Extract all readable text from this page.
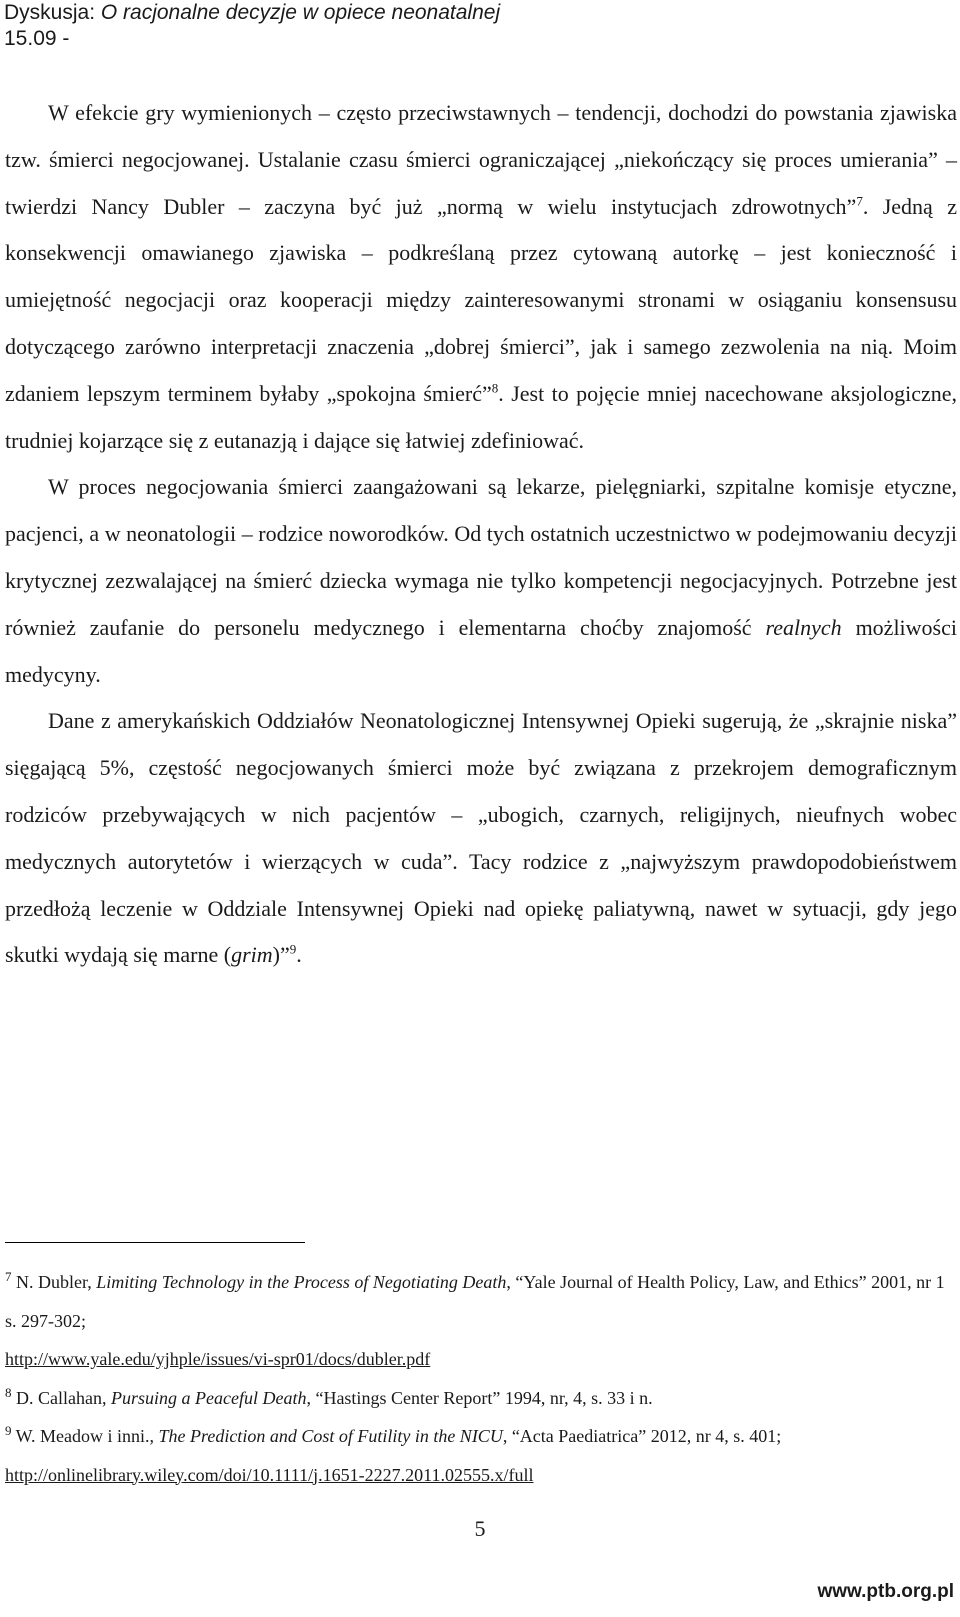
Dyskusja: O racjonalne decyzje w opiece neonatalnej
15.09 -

W efekcie gry wymienionych – często przeciwstawnych – tendencji, dochodzi do powstania zjawiska tzw. śmierci negocjowanej. Ustalanie czasu śmierci ograniczającej „niekończący się proces umierania” – twierdzi Nancy Dubler – zaczyna być już „normą w wielu instytucjach zdrowotnych”$^7$. Jedną z konsekwencji omawianego zjawiska – podkreślaną przez cytowaną autorkę – jest konieczność i umiejętność negocjacji oraz kooperacji między zainteresowanymi stronami w osiąganiu konsensusu dotyczącego zarówno interpretacji znaczenia „dobrej śmierci”, jak i samego zezwolenia na nią. Moim zdaniem lepszym terminem byłaby „spokojna śmierć”$^8$. Jest to pojęcie mniej nacechowane aksjologiczne, trudniej kojarzące się z eutanazją i dające się łatwiej zdefiniować.

W proces negocjowania śmierci zaangażowani są lekarze, pielęgniarki, szpitalne komisje etyczne, pacjenci, a w neonatologii – rodzice noworodków. Od tych ostatnich uczestnictwo w podejmowaniu decyzji krytycznej zezwalającej na śmierć dziecka wymaga nie tylko kompetencji negocjacyjnych. Potrzebne jest również zaufanie do personelu medycznego i elementarna choćby znajomość realnych możliwości medycyny.

Dane z amerykańskich Oddziałów Neonatologicznej Intensywnej Opieki sugerują, że „skrajnie niska” sięgającą 5%, częstość negocjowanych śmierci może być związana z przekrojem demograficznym rodziców przebywających w nich pacjentów – „ubogich, czarnych, religijnych, nieufnych wobec medycznych autorytetów i wierzących w cuda”. Tacy rodzice z „najwyższym prawdopodobieństwem przedłożą leczenie w Oddziale Intensywnej Opieki nad opiekę paliatywną, nawet w sytuacji, gdy jego skutki wydają się marne (grim)”$^9$.

$^7$ N. Dubler, Limiting Technology in the Process of Negotiating Death, “Yale Journal of Health Policy, Law, and Ethics” 2001, nr 1 s. 297-302;
http://www.yale.edu/yjhple/issues/vi-spr01/docs/dubler.pdf
$^8$ D. Callahan, Pursuing a Peaceful Death, “Hastings Center Report” 1994, nr, 4, s. 33 i n.
$^9$ W. Meadow i inni., The Prediction and Cost of Futility in the NICU, “Acta Paediatrica” 2012, nr 4, s. 401;
http://onlinelibrary.wiley.com/doi/10.1111/j.1651-2227.2011.02555.x/full
5
www.ptb.org.pl
